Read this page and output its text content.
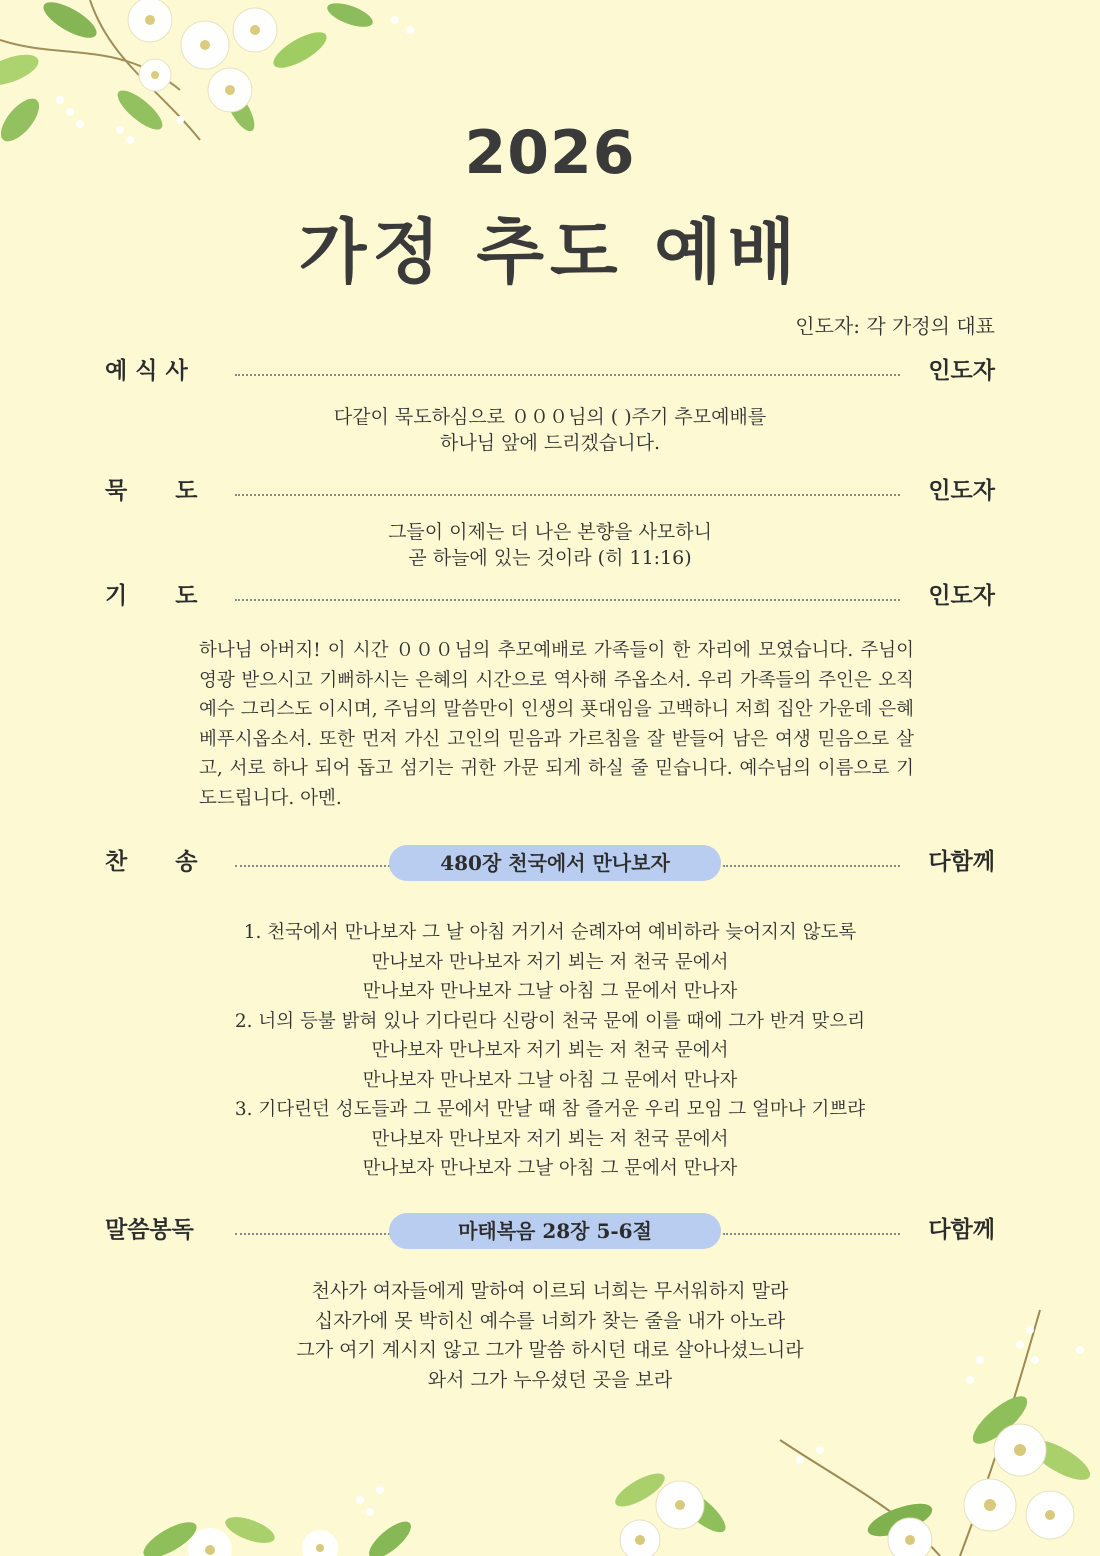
2026
가정 추도 예배
인도자: 각 가정의 대표
예 식 사	인도자
다같이 묵도하심으로 ０００님의 ( )주기 추모예배를
하나님 앞에 드리겠습니다.
묵      도	인도자
그들이 이제는 더 나은 본향을 사모하니
곧 하늘에 있는 것이라 (히 11:16)
기      도	인도자
하나님 아버지! 이 시간 ０００님의 추모예배로 가족들이 한 자리에 모였습니다. 주님이 영광 받으시고 기뻐하시는 은혜의 시간으로 역사해 주옵소서. 우리 가족들의 주인은 오직 예수 그리스도 이시며, 주님의 말씀만이 인생의 푯대임을 고백하니 저희 집안 가운데 은혜 베푸시옵소서. 또한 먼저 가신 고인의 믿음과 가르침을 잘 받들어 남은 여생 믿음으로 살고, 서로 하나 되어 돕고 섬기는 귀한 가문 되게 하실 줄 믿습니다. 예수님의 이름으로 기도드립니다. 아멘.
찬      송	480장 천국에서 만나보자	다함께
1. 천국에서 만나보자 그 날 아침 거기서 순례자여 예비하라 늦어지지 않도록
만나보자 만나보자 저기 뵈는 저 천국 문에서
만나보자 만나보자 그날 아침 그 문에서 만나자
2. 너의 등불 밝혀 있나 기다린다 신랑이 천국 문에 이를 때에 그가 반겨 맞으리
만나보자 만나보자 저기 뵈는 저 천국 문에서
만나보자 만나보자 그날 아침 그 문에서 만나자
3. 기다린던 성도들과 그 문에서 만날 때 참 즐거운 우리 모임 그 얼마나 기쁘랴
만나보자 만나보자 저기 뵈는 저 천국 문에서
만나보자 만나보자 그날 아침 그 문에서 만나자
말씀봉독	마태복음 28장 5-6절	다함께
천사가 여자들에게 말하여 이르되 너희는 무서워하지 말라
십자가에 못 박히신 예수를 너희가 찾는 줄을 내가 아노라
그가 여기 계시지 않고 그가 말씀 하시던 대로 살아나셨느니라
와서 그가 누우셨던 곳을 보라
